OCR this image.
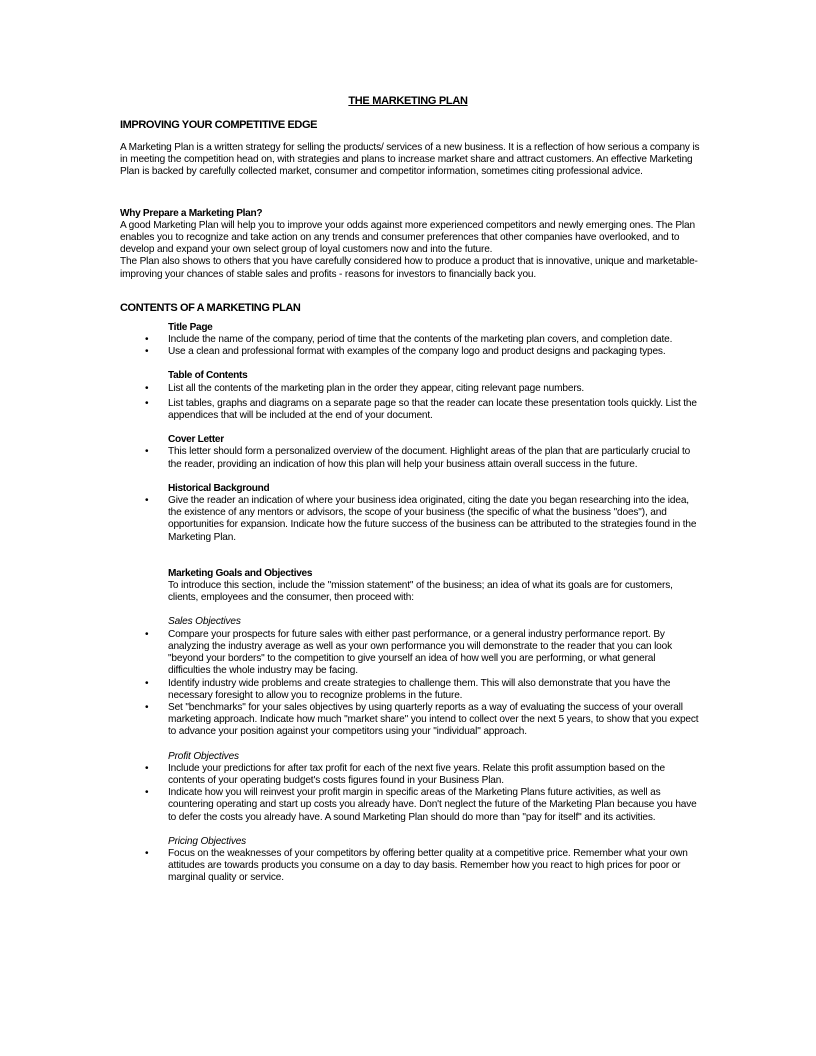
THE MARKETING PLAN
IMPROVING YOUR COMPETITIVE EDGE

A Marketing Plan is a written strategy for selling the products/ services of a new business. It is a reflection of how serious a company is in meeting the competition head on, with strategies and plans to increase market share and attract customers. An effective Marketing Plan is backed by carefully collected market, consumer and competitor information, sometimes citing professional advice.

Why Prepare a Marketing Plan?

A good Marketing Plan will help you to improve your odds against more experienced competitors and newly emerging ones. The Plan enables you to recognize and take action on any trends and consumer preferences that other companies have overlooked, and to develop and expand your own select group of loyal customers now and into the future.

The Plan also shows to others that you have carefully considered how to produce a product that is innovative, unique and marketable- improving your chances of stable sales and profits - reasons for investors to financially back you.

CONTENTS OF A MARKETING PLAN
Title Page
• Include the name of the company, period of time that the contents of the marketing plan covers, and completion date.
• Use a clean and professional format with examples of the company logo and product designs and packaging types.
Table of Contents
• List all the contents of the marketing plan in the order they appear, citing relevant page numbers.
• List tables, graphs and diagrams on a separate page so that the reader can locate these presentation tools quickly. List the appendices that will be included at the end of your document.
Cover Letter
• This letter should form a personalized overview of the document. Highlight areas of the plan that are particularly crucial to the reader, providing an indication of how this plan will help your business attain overall success in the future.
Historical Background
• Give the reader an indication of where your business idea originated, citing the date you began researching into the idea, the existence of any mentors or advisors, the scope of your business (the specific of what the business "does"), and opportunities for expansion. Indicate how the future success of the business can be attributed to the strategies found in the Marketing Plan.
Marketing Goals and Objectives

To introduce this section, include the "mission statement" of the business; an idea of what its goals are for customers, clients, employees and the consumer, then proceed with:

Sales Objectives
• Compare your prospects for future sales with either past performance, or a general industry performance report. By analyzing the industry average as well as your own performance you will demonstrate to the reader that you can look "beyond your borders" to the competition to give yourself an idea of how well you are performing, or what general difficulties the whole industry may be facing.
• Identify industry wide problems and create strategies to challenge them. This will also demonstrate that you have the necessary foresight to allow you to recognize problems in the future.
• Set "benchmarks" for your sales objectives by using quarterly reports as a way of evaluating the success of your overall marketing approach. Indicate how much "market share" you intend to collect over the next 5 years, to show that you expect to advance your position against your competitors using your "individual" approach.
Profit Objectives
• Include your predictions for after tax profit for each of the next five years. Relate this profit assumption based on the contents of your operating budget's costs figures found in your Business Plan.
• Indicate how you will reinvest your profit margin in specific areas of the Marketing Plans future activities, as well as countering operating and start up costs you already have. Don't neglect the future of the Marketing Plan because you have to defer the costs you already have. A sound Marketing Plan should do more than "pay for itself" and its activities.
Pricing Objectives
• Focus on the weaknesses of your competitors by offering better quality at a competitive price. Remember what your own attitudes are towards products you consume on a day to day basis. Remember how you react to high prices for poor or marginal quality or service.
